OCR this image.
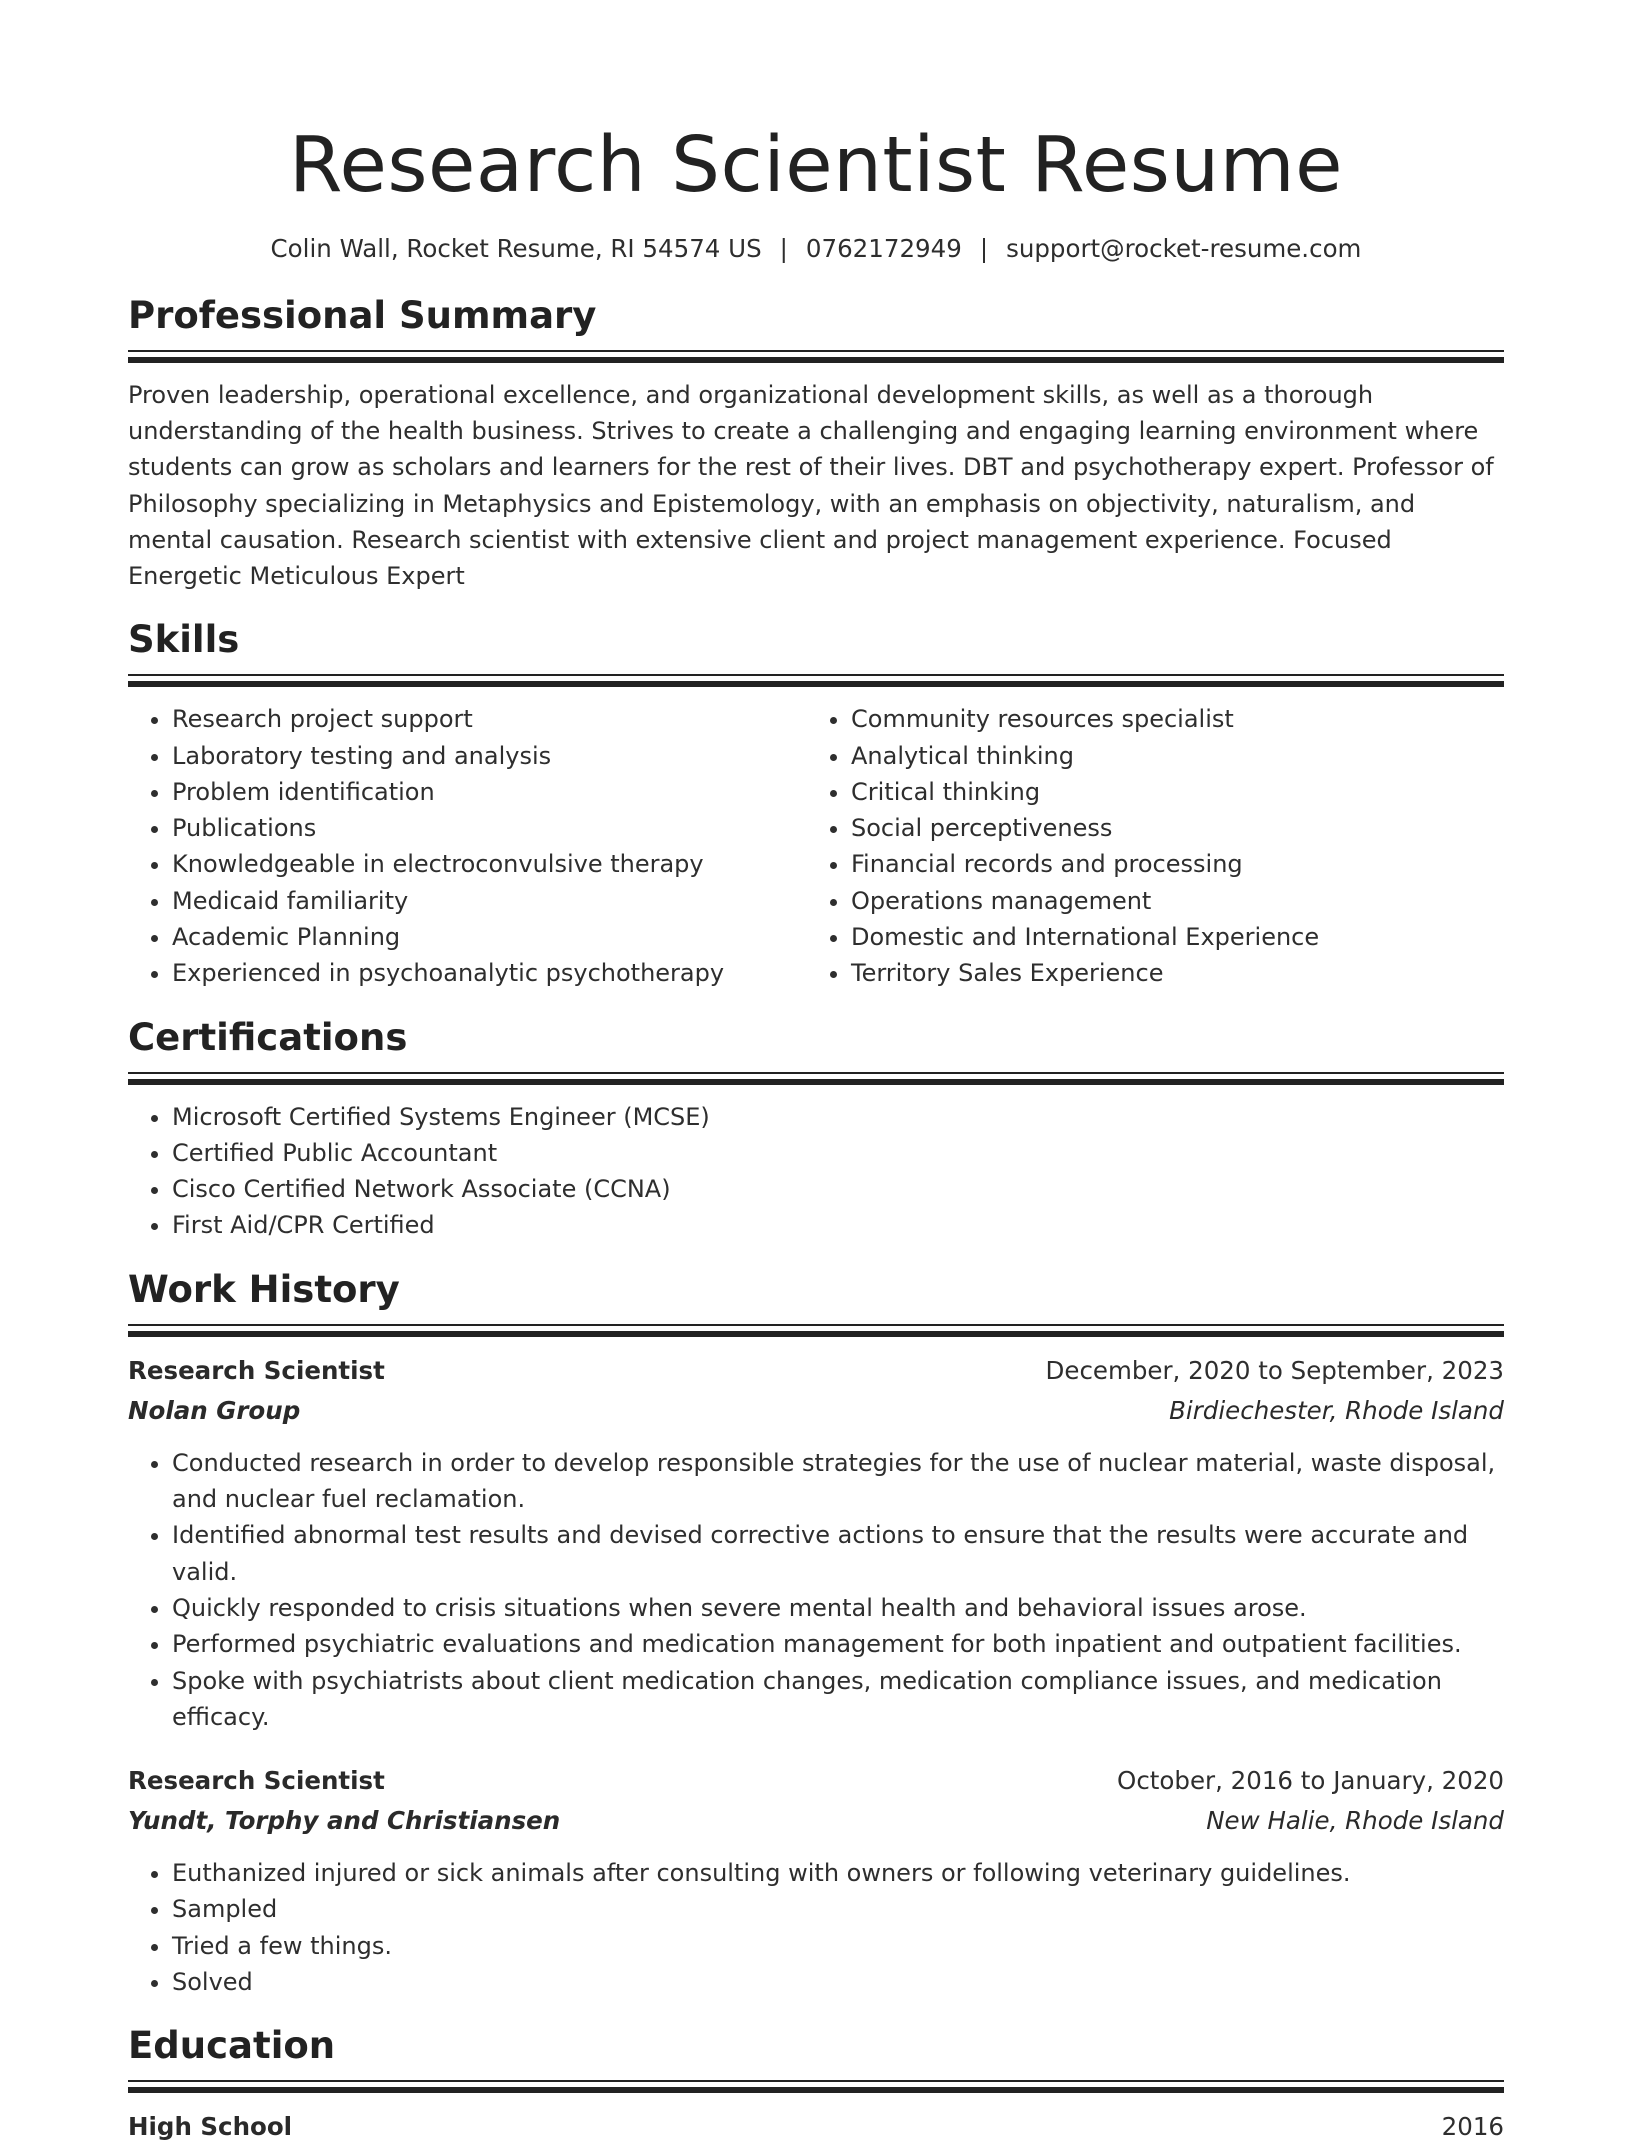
Research Scientist Resume
Colin Wall, Rocket Resume, RI 54574 US | 0762172949 | support@rocket-resume.com
Professional Summary
Proven leadership, operational excellence, and organizational development skills, as well as a thorough understanding of the health business. Strives to create a challenging and engaging learning environment where students can grow as scholars and learners for the rest of their lives. DBT and psychotherapy expert. Professor of Philosophy specializing in Metaphysics and Epistemology, with an emphasis on objectivity, naturalism, and mental causation. Research scientist with extensive client and project management experience. Focused Energetic Meticulous Expert
Skills
• Research project support
• Laboratory testing and analysis
• Problem identification
• Publications
• Knowledgeable in electroconvulsive therapy
• Medicaid familiarity
• Academic Planning
• Experienced in psychoanalytic psychotherapy
• Community resources specialist
• Analytical thinking
• Critical thinking
• Social perceptiveness
• Financial records and processing
• Operations management
• Domestic and International Experience
• Territory Sales Experience
Certifications
• Microsoft Certified Systems Engineer (MCSE)
• Certified Public Accountant
• Cisco Certified Network Associate (CCNA)
• First Aid/CPR Certified
Work History
Research Scientist	December, 2020 to September, 2023
Nolan Group	Birdiechester, Rhode Island
• Conducted research in order to develop responsible strategies for the use of nuclear material, waste disposal, and nuclear fuel reclamation.
• Identified abnormal test results and devised corrective actions to ensure that the results were accurate and valid.
• Quickly responded to crisis situations when severe mental health and behavioral issues arose.
• Performed psychiatric evaluations and medication management for both inpatient and outpatient facilities.
• Spoke with psychiatrists about client medication changes, medication compliance issues, and medication efficacy.
Research Scientist	October, 2016 to January, 2020
Yundt, Torphy and Christiansen	New Halie, Rhode Island
• Euthanized injured or sick animals after consulting with owners or following veterinary guidelines.
• Sampled
• Tried a few things.
• Solved
Education
High School	2016
